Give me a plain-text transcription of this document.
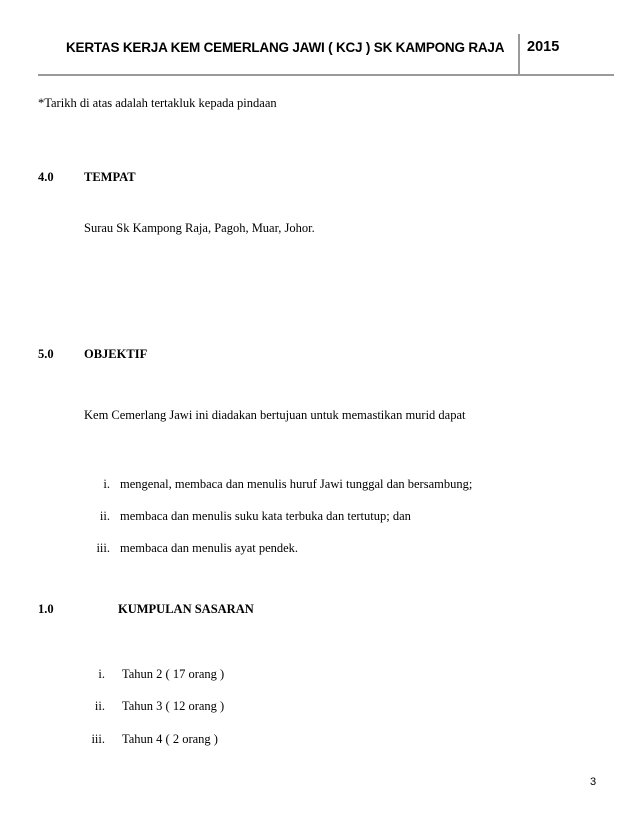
KERTAS KERJA KEM CEMERLANG JAWI ( KCJ ) SK KAMPONG RAJA	2015
*Tarikh di atas adalah tertakluk kepada pindaan
4.0 TEMPAT
Surau Sk Kampong Raja, Pagoh, Muar, Johor.
5.0 OBJEKTIF
Kem Cemerlang Jawi ini diadakan bertujuan untuk memastikan murid dapat
i. mengenal, membaca dan menulis huruf Jawi tunggal dan bersambung;
ii. membaca dan menulis suku kata terbuka dan tertutup; dan
iii. membaca dan menulis ayat pendek.
1.0	KUMPULAN SASARAN
i. Tahun 2 ( 17 orang )
ii. Tahun 3 ( 12 orang )
iii. Tahun 4 ( 2 orang )
3
